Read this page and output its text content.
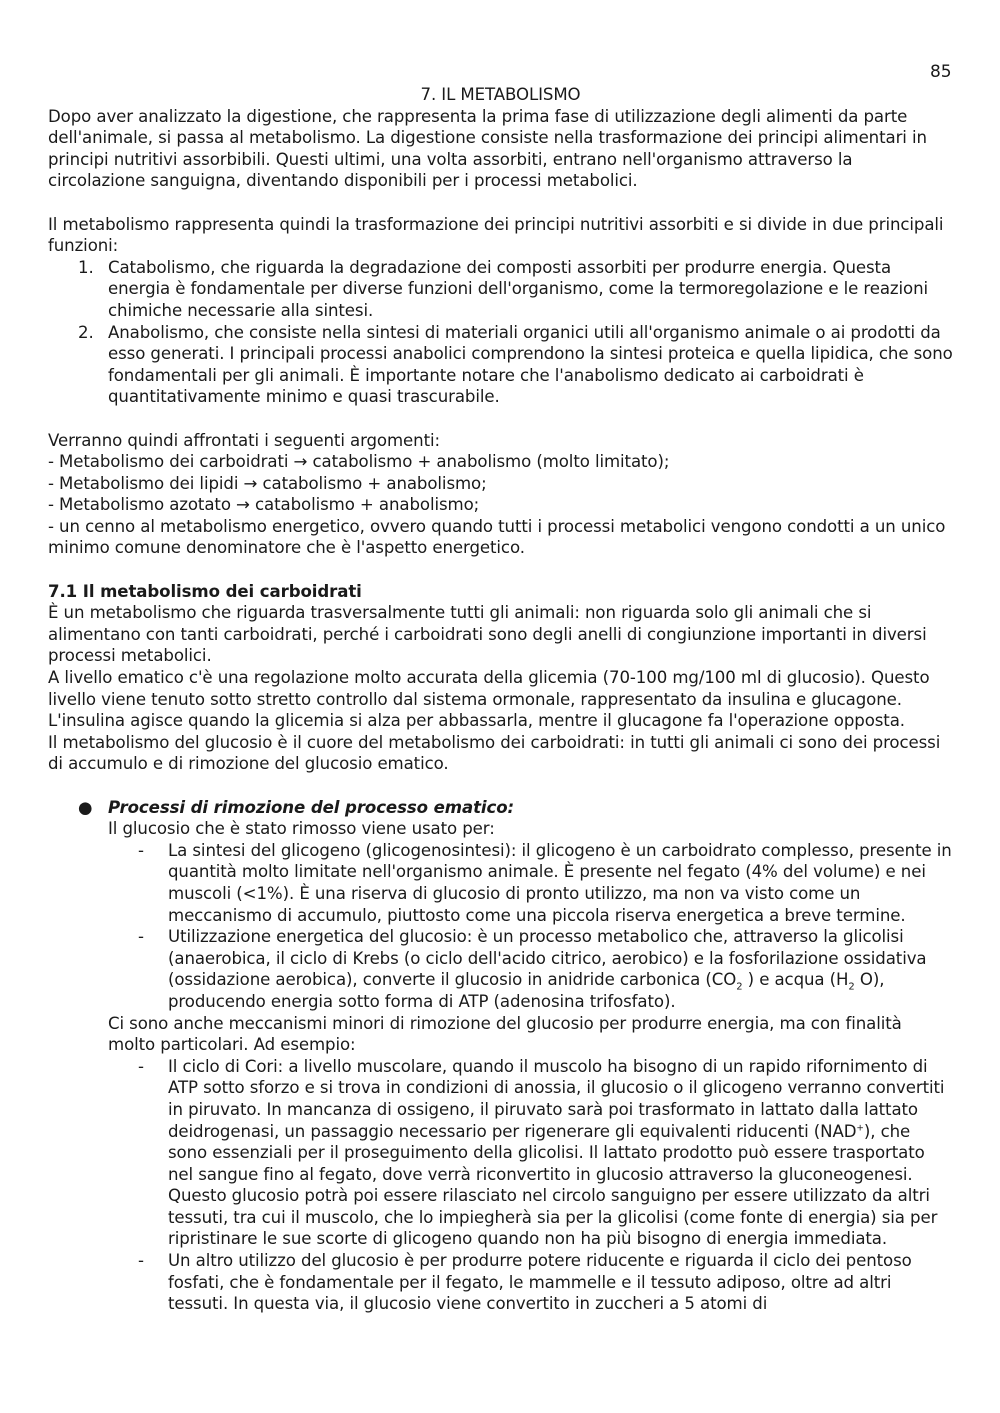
85
7. IL METABOLISMO

Dopo aver analizzato la digestione, che rappresenta la prima fase di utilizzazione degli alimenti da parte dell'animale, si passa al metabolismo. La digestione consiste nella trasformazione dei principi alimentari in principi nutritivi assorbibili. Questi ultimi, una volta assorbiti, entrano nell'organismo attraverso la circolazione sanguigna, diventando disponibili per i processi metabolici.

Il metabolismo rappresenta quindi la trasformazione dei principi nutritivi assorbiti e si divide in due principali funzioni:

1. Catabolismo, che riguarda la degradazione dei composti assorbiti per produrre energia. Questa energia è fondamentale per diverse funzioni dell'organismo, come la termoregolazione e le reazioni chimiche necessarie alla sintesi.
2. Anabolismo, che consiste nella sintesi di materiali organici utili all'organismo animale o ai prodotti da esso generati. I principali processi anabolici comprendono la sintesi proteica e quella lipidica, che sono fondamentali per gli animali. È importante notare che l'anabolismo dedicato ai carboidrati è quantitativamente minimo e quasi trascurabile.

Verranno quindi affrontati i seguenti argomenti:

- Metabolismo dei carboidrati → catabolismo + anabolismo (molto limitato);

- Metabolismo dei lipidi → catabolismo + anabolismo;

- Metabolismo azotato → catabolismo + anabolismo;

- un cenno al metabolismo energetico, ovvero quando tutti i processi metabolici vengono condotti a un unico minimo comune denominatore che è l'aspetto energetico.

7.1 Il metabolismo dei carboidrati

È un metabolismo che riguarda trasversalmente tutti gli animali: non riguarda solo gli animali che si alimentano con tanti carboidrati, perché i carboidrati sono degli anelli di congiunzione importanti in diversi processi metabolici.

A livello ematico c'è una regolazione molto accurata della glicemia (70-100 mg/100 ml di glucosio). Questo livello viene tenuto sotto stretto controllo dal sistema ormonale, rappresentato da insulina e glucagone.

L'insulina agisce quando la glicemia si alza per abbassarla, mentre il glucagone fa l'operazione opposta.

Il metabolismo del glucosio è il cuore del metabolismo dei carboidrati: in tutti gli animali ci sono dei processi di accumulo e di rimozione del glucosio ematico.

● Processi di rimozione del processo ematico:

Il glucosio che è stato rimosso viene usato per:

- La sintesi del glicogeno (glicogenosintesi): il glicogeno è un carboidrato complesso, presente in quantità molto limitate nell'organismo animale. È presente nel fegato (4% del volume) e nei muscoli (<1%). È una riserva di glucosio di pronto utilizzo, ma non va visto come un meccanismo di accumulo, piuttosto come una piccola riserva energetica a breve termine.
- Utilizzazione energetica del glucosio: è un processo metabolico che, attraverso la glicolisi (anaerobica, il ciclo di Krebs (o ciclo dell'acido citrico, aerobico) e la fosforilazione ossidativa (ossidazione aerobica), converte il glucosio in anidride carbonica ($CO_2$ ) e acqua ($H_2$ O), producendo energia sotto forma di ATP (adenosina trifosfato).

Ci sono anche meccanismi minori di rimozione del glucosio per produrre energia, ma con finalità molto particolari. Ad esempio:

- Il ciclo di Cori: a livello muscolare, quando il muscolo ha bisogno di un rapido rifornimento di ATP sotto sforzo e si trova in condizioni di anossia, il glucosio o il glicogeno verranno convertiti in piruvato. In mancanza di ossigeno, il piruvato sarà poi trasformato in lattato dalla lattato deidrogenasi, un passaggio necessario per rigenerare gli equivalenti riducenti (NAD+), che sono essenziali per il proseguimento della glicolisi. Il lattato prodotto può essere trasportato nel sangue fino al fegato, dove verrà riconvertito in glucosio attraverso la gluconeogenesi. Questo glucosio potrà poi essere rilasciato nel circolo sanguigno per essere utilizzato da altri tessuti, tra cui il muscolo, che lo impiegherà sia per la glicolisi (come fonte di energia) sia per ripristinare le sue scorte di glicogeno quando non ha più bisogno di energia immediata.
- Un altro utilizzo del glucosio è per produrre potere riducente e riguarda il ciclo dei pentoso fosfati, che è fondamentale per il fegato, le mammelle e il tessuto adiposo, oltre ad altri tessuti. In questa via, il glucosio viene convertito in zuccheri a 5 atomi di
